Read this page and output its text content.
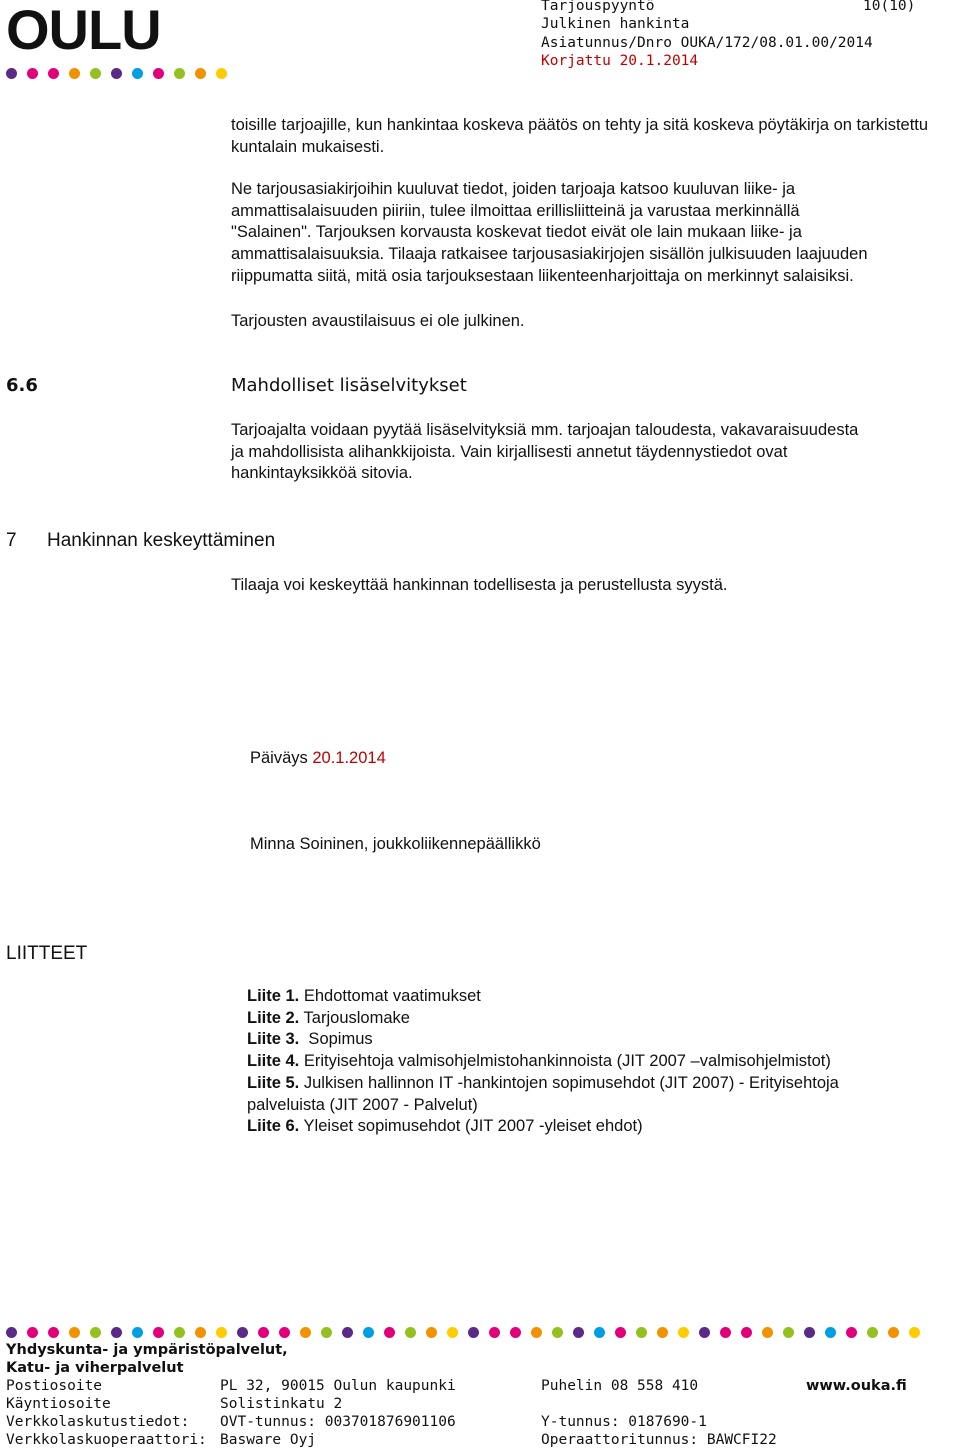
OULU	Tarjouspyyntö	10(10)
Julkinen hankinta
Asiatunnus/Dnro OUKA/172/08.01.00/2014
Korjattu 20.1.2014
toisille tarjoajille, kun hankintaa koskeva päätös on tehty ja sitä koskeva pöytäkirja on tarkistettu kuntalain mukaisesti.
Ne tarjousasiakirjoihin kuuluvat tiedot, joiden tarjoaja katsoo kuuluvan liike- ja
ammattisalaisuuden piiriin, tulee ilmoittaa erillisliitteinä ja varustaa merkinnällä
"Salainen". Tarjouksen korvausta koskevat tiedot eivät ole lain mukaan liike- ja
ammattisalaisuuksia. Tilaaja ratkaisee tarjousasiakirjojen sisällön julkisuuden laajuuden
riippumatta siitä, mitä osia tarjouksestaan liikenteenharjoittaja on merkinnyt salaisiksi.
Tarjousten avaustilaisuus ei ole julkinen.
6.6	Mahdolliset lisäselvitykset
Tarjoajalta voidaan pyytää lisäselvityksiä mm. tarjoajan taloudesta, vakavaraisuudesta
ja mahdollisista alihankkijoista. Vain kirjallisesti annetut täydennystiedot ovat
hankintayksikköä sitovia.
7 Hankinnan keskeyttäminen
Tilaaja voi keskeyttää hankinnan todellisesta ja perustellusta syystä.
Päiväys 20.1.2014
Minna Soininen, joukkoliikennepäällikkö
LIITTEET
Liite 1. Ehdottomat vaatimukset
Liite 2. Tarjouslomake
Liite 3.  Sopimus
Liite 4. Erityisehtoja valmisohjelmistohankinnoista (JIT 2007 –valmisohjelmistot)
Liite 5. Julkisen hallinnon IT -hankintojen sopimusehdot (JIT 2007) - Erityisehtoja
palveluista (JIT 2007 - Palvelut)
Liite 6. Yleiset sopimusehdot (JIT 2007 -yleiset ehdot)
Yhdyskunta- ja ympäristöpalvelut,
Katu- ja viherpalvelut
Postiosoite	PL 32, 90015 Oulun kaupunki	Puhelin 08 558 410	www.ouka.fi
Käyntiosoite	Solistinkatu 2
Verkkolaskutustiedot: OVT-tunnus: 003701876901106	Y-tunnus: 0187690-1
Verkkolaskuoperaattori: Basware Oyj	Operaattoritunnus: BAWCFI22
